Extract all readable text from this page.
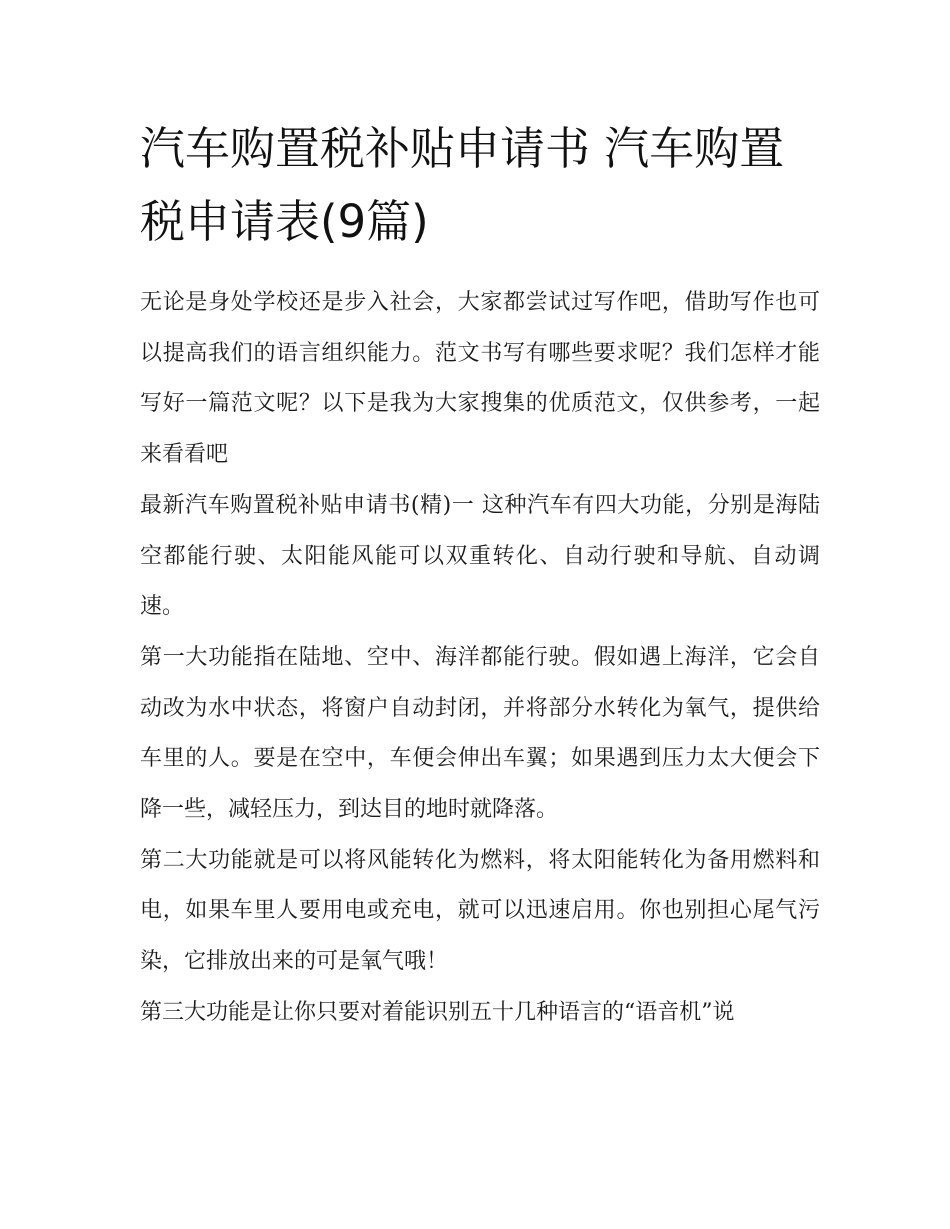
汽车购置税补贴申请书 汽车购置税申请表(9篇)

无论是身处学校还是步入社会，大家都尝试过写作吧，借助写作也可以提高我们的语言组织能力。范文书写有哪些要求呢？我们怎样才能写好一篇范文呢？以下是我为大家搜集的优质范文，仅供参考，一起来看看吧

最新汽车购置税补贴申请书(精)一 这种汽车有四大功能，分别是海陆空都能行驶、太阳能风能可以双重转化、自动行驶和导航、自动调速。

第一大功能指在陆地、空中、海洋都能行驶。假如遇上海洋，它会自动改为水中状态，将窗户自动封闭，并将部分水转化为氧气，提供给车里的人。要是在空中，车便会伸出车翼；如果遇到压力太大便会下降一些，减轻压力，到达目的地时就降落。

第二大功能就是可以将风能转化为燃料，将太阳能转化为备用燃料和电，如果车里人要用电或充电，就可以迅速启用。你也别担心尾气污染，它排放出来的可是氧气哦！

第三大功能是让你只要对着能识别五十几种语言的“语音机”说
